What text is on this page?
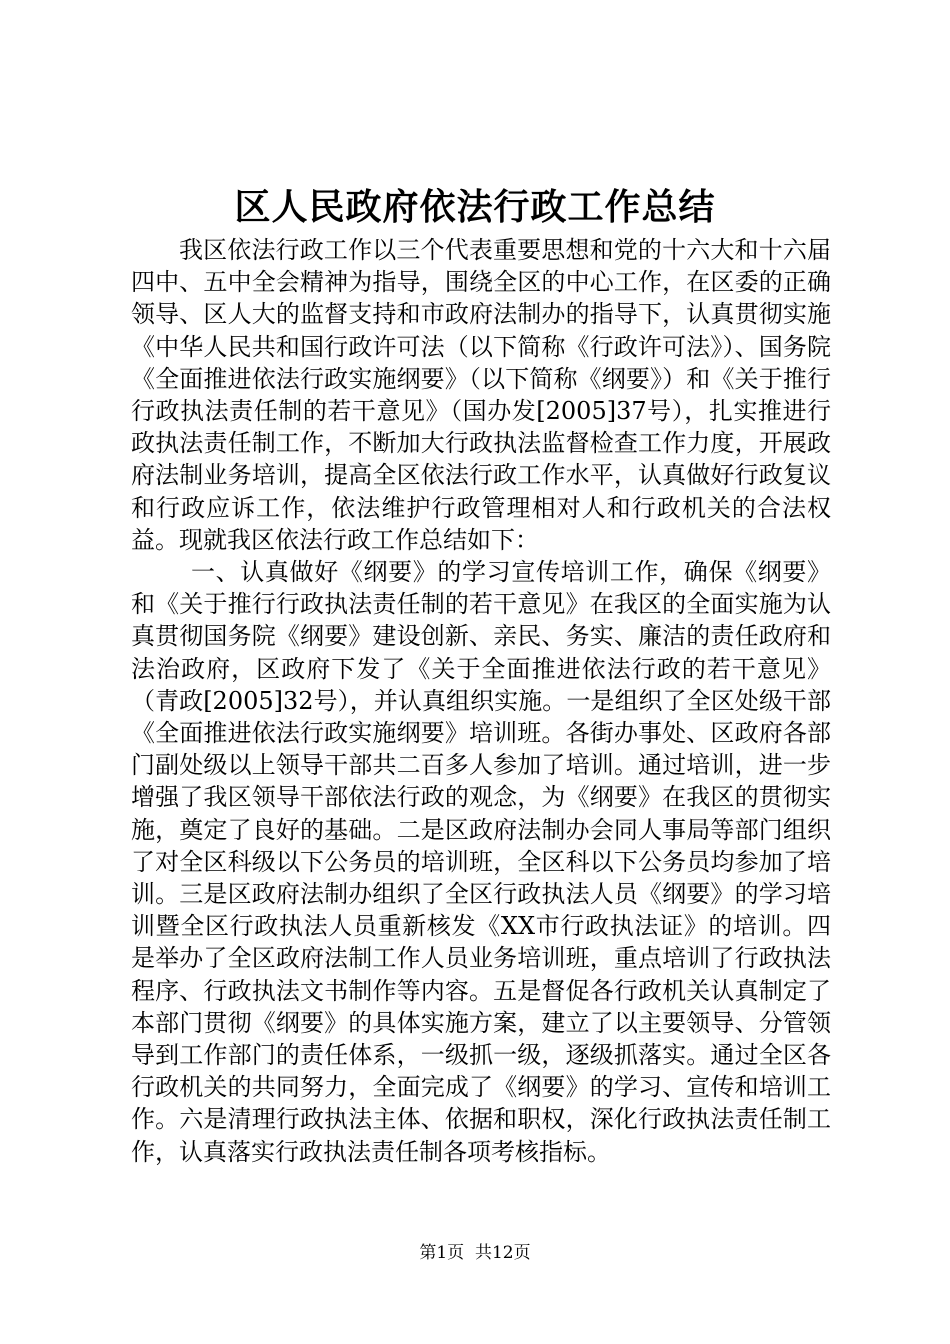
区人民政府依法行政工作总结

我区依法行政工作以三个代表重要思想和党的十六大和十六届四中、五中全会精神为指导，围绕全区的中心工作，在区委的正确领导、区人大的监督支持和市政府法制办的指导下，认真贯彻实施《中华人民共和国行政许可法（以下简称《行政许可法》）、国务院《全面推进依法行政实施纲要》（以下简称《纲要》）和《关于推行行政执法责任制的若干意见》（国办发[2005]37号），扎实推进行政执法责任制工作，不断加大行政执法监督检查工作力度，开展政府法制业务培训，提高全区依法行政工作水平，认真做好行政复议和行政应诉工作，依法维护行政管理相对人和行政机关的合法权益。现就我区依法行政工作总结如下：

一、认真做好《纲要》的学习宣传培训工作，确保《纲要》和《关于推行行政执法责任制的若干意见》在我区的全面实施为认真贯彻国务院《纲要》建设创新、亲民、务实、廉洁的责任政府和法治政府，区政府下发了《关于全面推进依法行政的若干意见》（青政[2005]32号），并认真组织实施。一是组织了全区处级干部《全面推进依法行政实施纲要》培训班。各街办事处、区政府各部门副处级以上领导干部共二百多人参加了培训。通过培训，进一步增强了我区领导干部依法行政的观念，为《纲要》在我区的贯彻实施，奠定了良好的基础。二是区政府法制办会同人事局等部门组织了对全区科级以下公务员的培训班，全区科以下公务员均参加了培训。三是区政府法制办组织了全区行政执法人员《纲要》的学习培训暨全区行政执法人员重新核发《XX市行政执法证》的培训。四是举办了全区政府法制工作人员业务培训班，重点培训了行政执法程序、行政执法文书制作等内容。五是督促各行政机关认真制定了本部门贯彻《纲要》的具体实施方案，建立了以主要领导、分管领导到工作部门的责任体系，一级抓一级，逐级抓落实。通过全区各行政机关的共同努力，全面完成了《纲要》的学习、宣传和培训工作。六是清理行政执法主体、依据和职权，深化行政执法责任制工作，认真落实行政执法责任制各项考核指标。

第1页  共12页
